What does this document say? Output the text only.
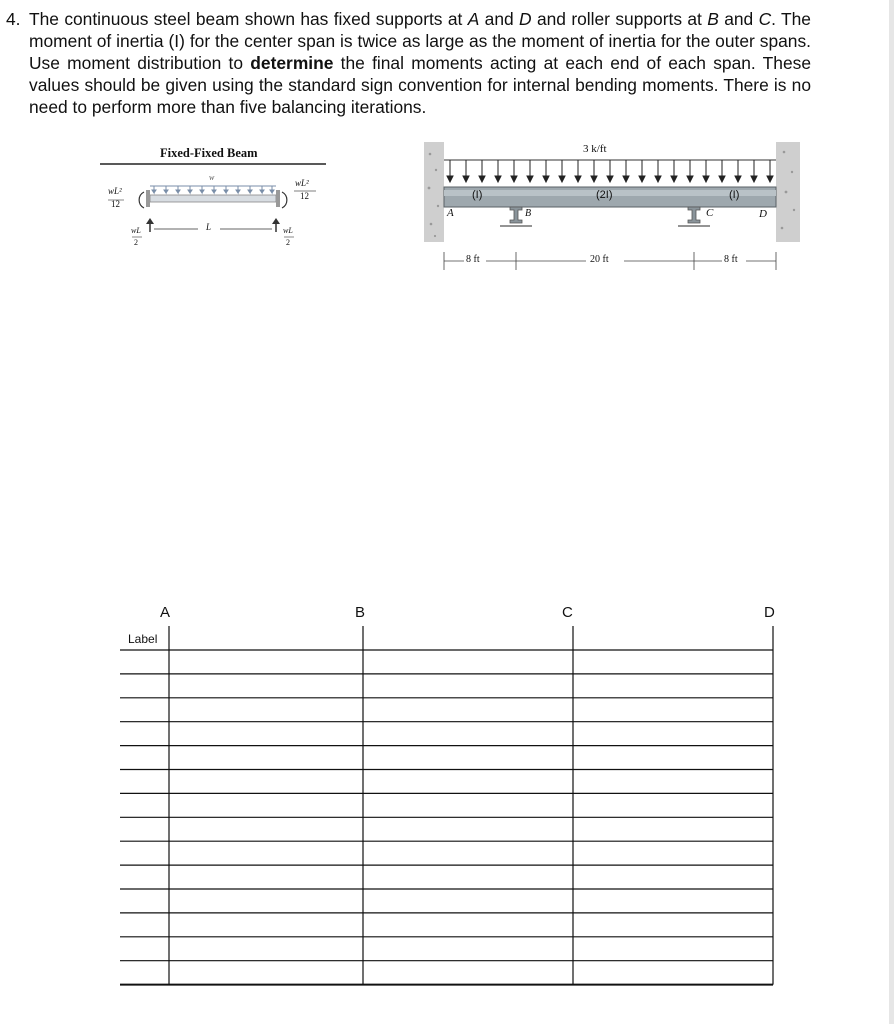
4. The continuous steel beam shown has fixed supports at A and D and roller supports at B and C. The moment of inertia (I) for the center span is twice as large as the moment of inertia for the outer spans. Use moment distribution to determine the final moments acting at each end of each span. These values should be given using the standard sign convention for internal bending moments. There is no need to perform more than five balancing iterations.

Fixed-Fixed Beam
w
wL²
12
wL²
12
wL
2
wL
2
L
3 k/ft
A	B	C	D
(I)	(2I)	(I)
8 ft	20 ft	8 ft
A	B	C	D
Label
